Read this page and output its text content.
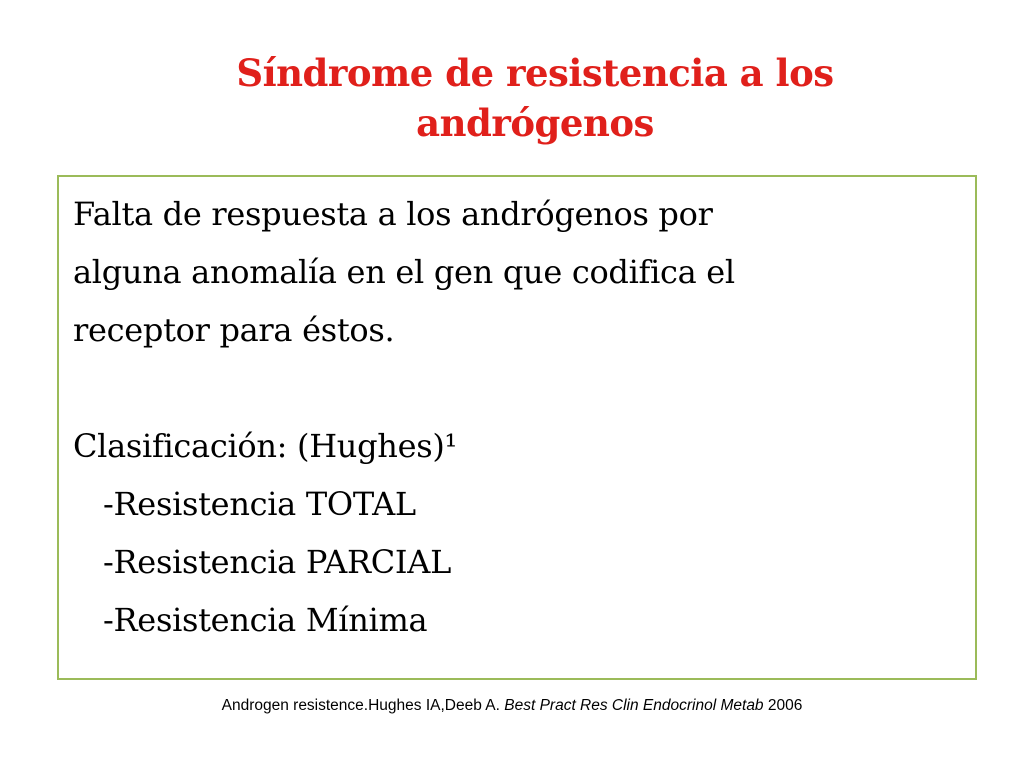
Síndrome de resistencia a los
andrógenos
Falta de respuesta a los andrógenos por
alguna anomalía en el gen que codifica el
receptor para éstos.
Clasificación: (Hughes)¹
-Resistencia TOTAL
-Resistencia PARCIAL
-Resistencia Mínima
Androgen resistence.Hughes IA,Deeb A. Best Pract Res Clin Endocrinol Metab 2006
